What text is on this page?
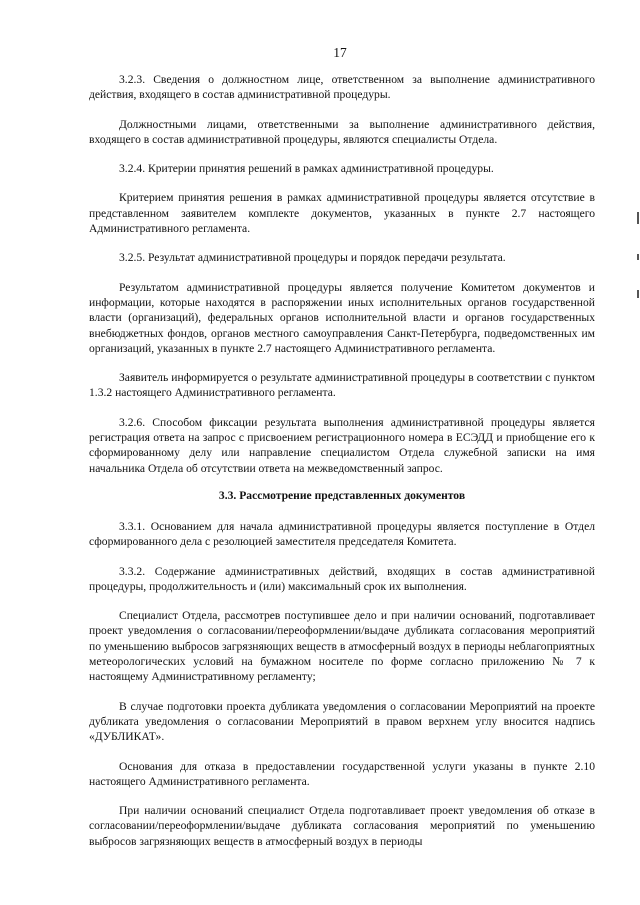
17

3.2.3. Сведения о должностном лице, ответственном за выполнение административного действия, входящего в состав административной процедуры.

Должностными лицами, ответственными за выполнение административного действия, входящего в состав административной процедуры, являются специалисты Отдела.

3.2.4. Критерии принятия решений в рамках административной процедуры.

Критерием принятия решения в рамках административной процедуры является отсутствие в представленном заявителем комплекте документов, указанных в пункте 2.7 настоящего Административного регламента.

3.2.5. Результат административной процедуры и порядок передачи результата.

Результатом административной процедуры является получение Комитетом документов и информации, которые находятся в распоряжении иных исполнительных органов государственной власти (организаций), федеральных органов исполнительной власти и органов государственных внебюджетных фондов, органов местного самоуправления Санкт-Петербурга, подведомственных им организаций, указанных в пункте 2.7 настоящего Административного регламента.

Заявитель информируется о результате административной процедуры в соответствии с пунктом 1.3.2 настоящего Административного регламента.

3.2.6. Способом фиксации результата выполнения административной процедуры является регистрация ответа на запрос с присвоением регистрационного номера в ЕСЭДД и приобщение его к сформированному делу или направление специалистом Отдела служебной записки на имя начальника Отдела об отсутствии ответа на межведомственный запрос.

3.3. Рассмотрение представленных документов

3.3.1. Основанием для начала административной процедуры является поступление в Отдел сформированного дела с резолюцией заместителя председателя Комитета.

3.3.2. Содержание административных действий, входящих в состав административной процедуры, продолжительность и (или) максимальный срок их выполнения.

Специалист Отдела, рассмотрев поступившее дело и при наличии оснований, подготавливает проект уведомления о согласовании/переоформлении/выдаче дубликата согласования мероприятий по уменьшению выбросов загрязняющих веществ в атмосферный воздух в периоды неблагоприятных метеорологических условий на бумажном носителе по форме согласно приложению № 7 к настоящему Административному регламенту;

В случае подготовки проекта дубликата уведомления о согласовании Мероприятий на проекте дубликата уведомления о согласовании Мероприятий в правом верхнем углу вносится надпись «ДУБЛИКАТ».

Основания для отказа в предоставлении государственной услуги указаны в пункте 2.10 настоящего Административного регламента.

При наличии оснований специалист Отдела подготавливает проект уведомления об отказе в согласовании/переоформлении/выдаче дубликата согласования мероприятий по уменьшению выбросов загрязняющих веществ в атмосферный воздух в периоды
